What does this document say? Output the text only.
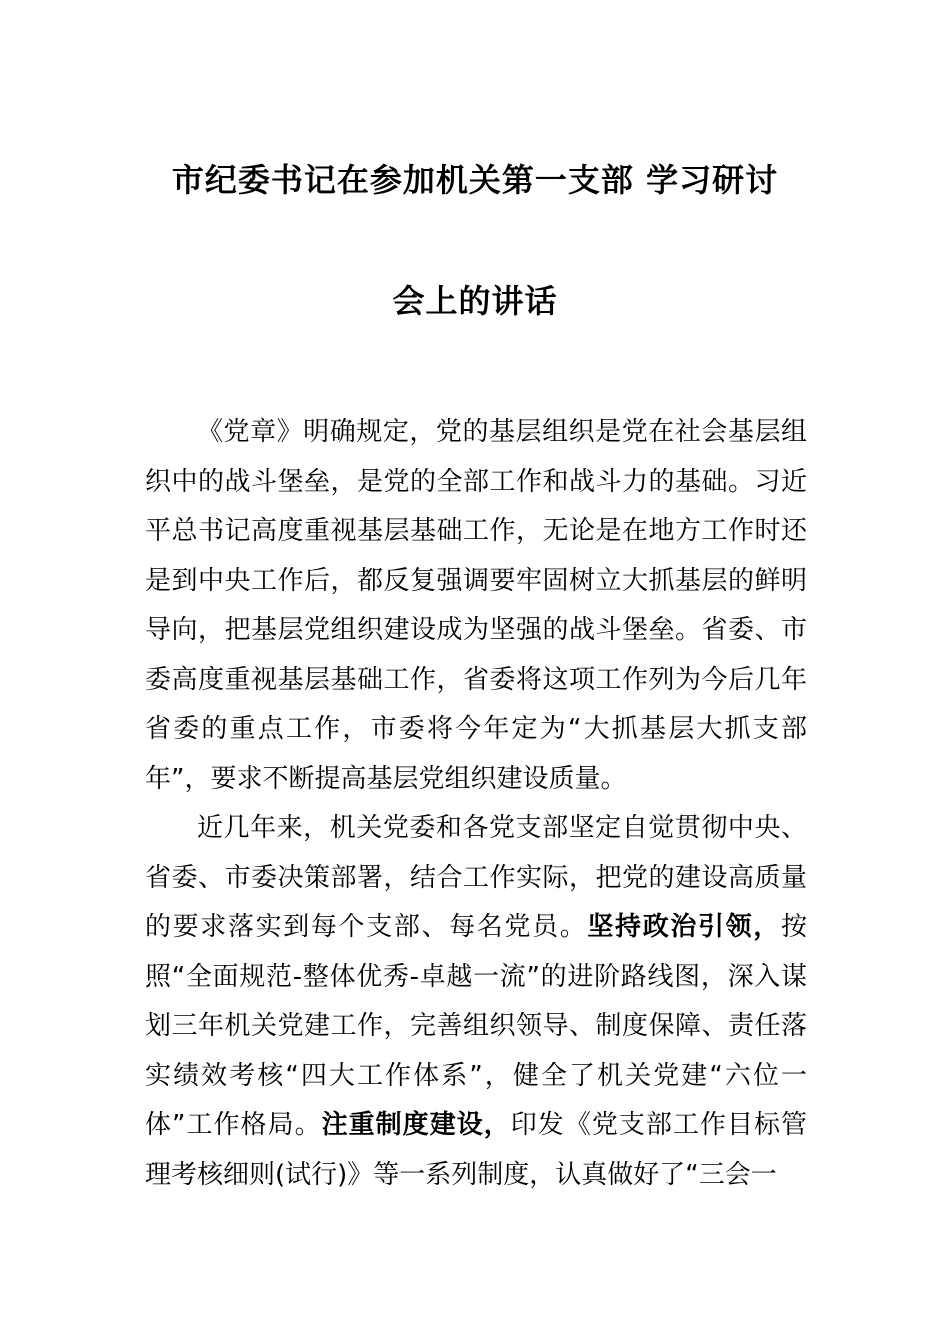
市纪委书记在参加机关第一支部 学习研讨
会上的讲话

《党章》明确规定，党的基层组织是党在社会基层组织中的战斗堡垒，是党的全部工作和战斗力的基础。习近平总书记高度重视基层基础工作，无论是在地方工作时还是到中央工作后，都反复强调要牢固树立大抓基层的鲜明导向，把基层党组织建设成为坚强的战斗堡垒。省委、市委高度重视基层基础工作，省委将这项工作列为今后几年省委的重点工作，市委将今年定为“大抓基层大抓支部年”，要求不断提高基层党组织建设质量。

近几年来，机关党委和各党支部坚定自觉贯彻中央、省委、市委决策部署，结合工作实际，把党的建设高质量的要求落实到每个支部、每名党员。坚持政治引领，按照“全面规范-整体优秀-卓越一流”的进阶路线图，深入谋划三年机关党建工作，完善组织领导、制度保障、责任落实绩效考核“四大工作体系”，健全了机关党建“六位一体”工作格局。注重制度建设，印发《党支部工作目标管理考核细则(试行)》等一系列制度，认真做好了“三会一
